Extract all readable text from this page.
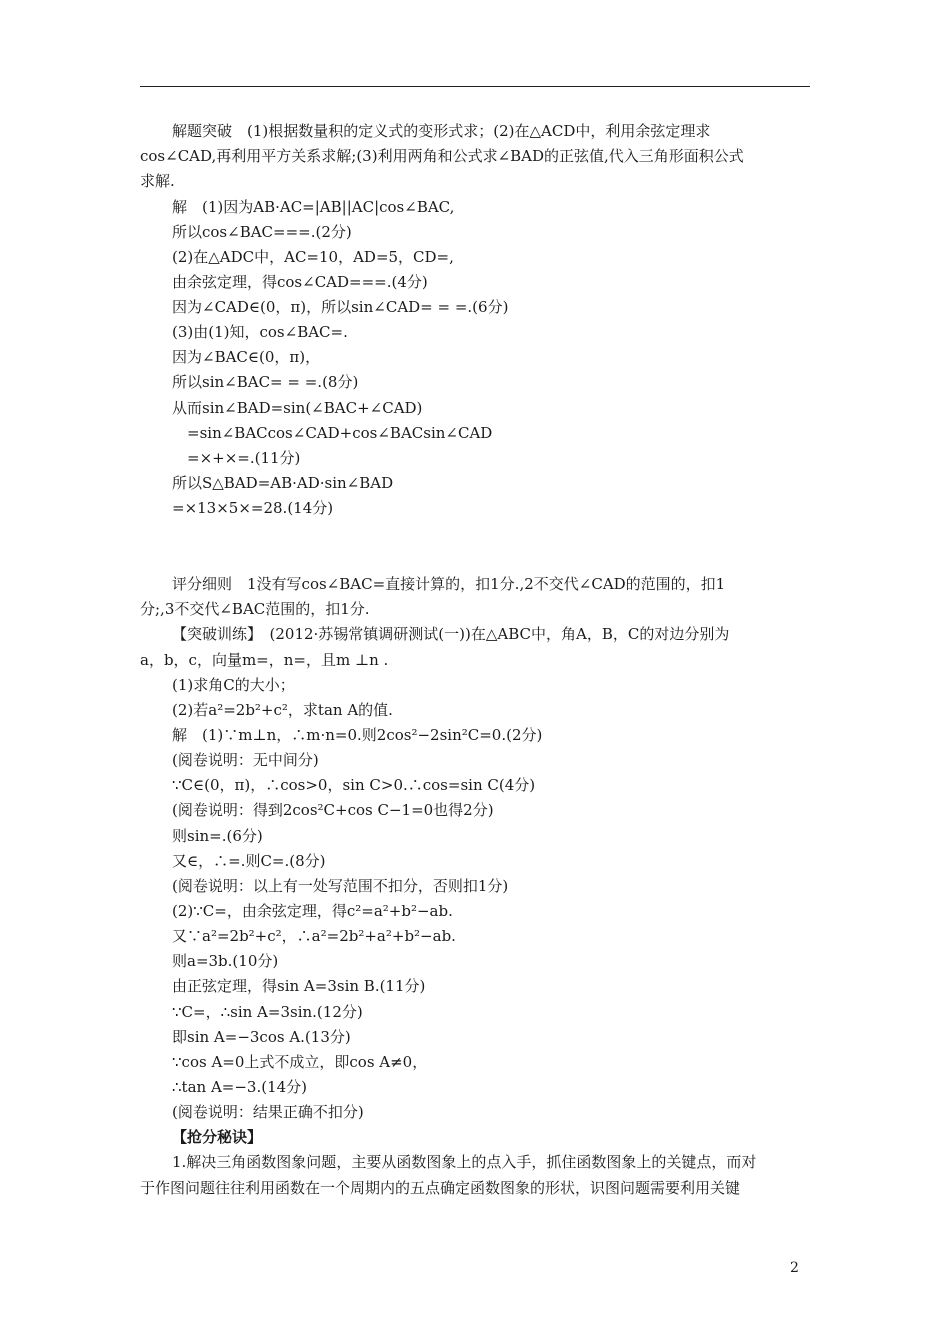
解题突破　(1)根据数量积的定义式的变形式求；(2)在△ACD中，利用余弦定理求
cos∠CAD,再利用平方关系求解;(3)利用两角和公式求∠BAD的正弦值,代入三角形面积公式
求解.
解　(1)因为AB·AC=|AB||AC|cos∠BAC,
所以cos∠BAC===.(2分)
(2)在△ADC中，AC=10，AD=5，CD=,
由余弦定理，得cos∠CAD===.(4分)
因为∠CAD∈(0，π)，所以sin∠CAD= = =.(6分)
(3)由(1)知，cos∠BAC=.
因为∠BAC∈(0，π)，
所以sin∠BAC= = =.(8分)
从而sin∠BAD=sin(∠BAC+∠CAD)
　=sin∠BACcos∠CAD+cos∠BACsin∠CAD
　=×+×=.(11分)
所以S△BAD=AB·AD·sin∠BAD
=×13×5×=28.(14分)
评分细则　1没有写cos∠BAC=直接计算的，扣1分.,2不交代∠CAD的范围的，扣1
分;,3不交代∠BAC范围的，扣1分.
【突破训练】　(2012·苏锡常镇调研测试(一))在△ABC中，角A，B，C的对边分别为
a，b，c，向量m=，n=，且m ⊥n .
(1)求角C的大小；
(2)若a²=2b²+c²，求tan A的值.
解　(1)∵m⊥n，∴m·n=0.则2cos²−2sin²C=0.(2分)
(阅卷说明：无中间分)
∵C∈(0，π)，∴cos>0，sin C>0.∴cos=sin C(4分)
(阅卷说明：得到2cos²C+cos C−1=0也得2分)
则sin=.(6分)
又∈，∴=.则C=.(8分)
(阅卷说明：以上有一处写范围不扣分，否则扣1分)
(2)∵C=，由余弦定理，得c²=a²+b²−ab.
又∵a²=2b²+c²，∴a²=2b²+a²+b²−ab.
则a=3b.(10分)
由正弦定理，得sin A=3sin B.(11分)
∵C=，∴sin A=3sin.(12分)
即sin A=−3cos A.(13分)
∵cos A=0上式不成立，即cos A≠0，
∴tan A=−3.(14分)
(阅卷说明：结果正确不扣分)
【抢分秘诀】
1.解决三角函数图象问题，主要从函数图象上的点入手，抓住函数图象上的关键点，而对
于作图问题往往利用函数在一个周期内的五点确定函数图象的形状，识图问题需要利用关键
2
